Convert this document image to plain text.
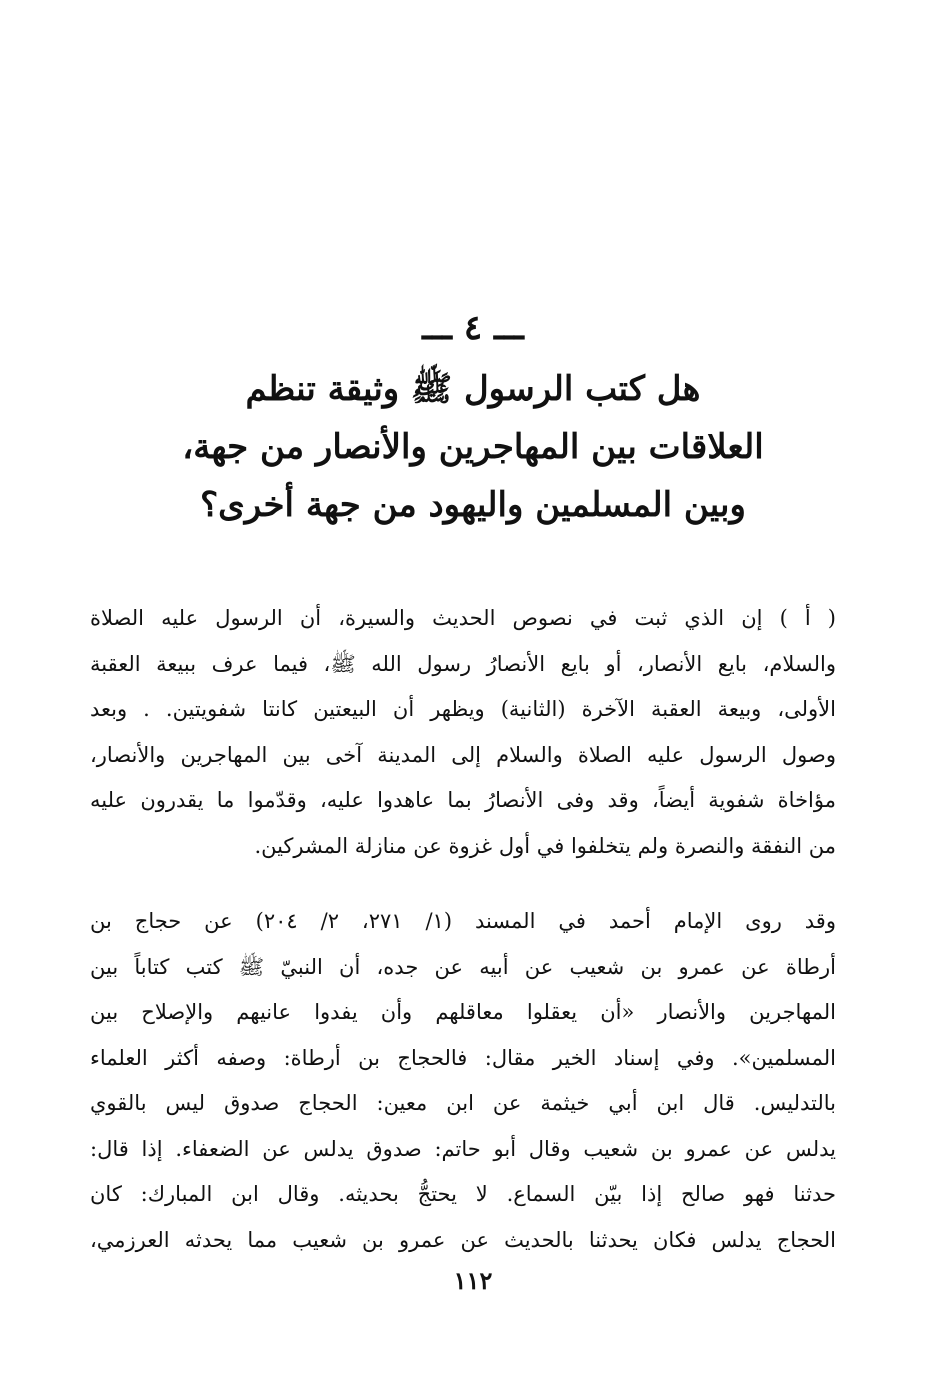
ـــ ٤ ـــ
هل كتب الرسول ﷺ وثيقة تنظم
العلاقات بين المهاجرين والأنصار من جهة،
وبين المسلمين واليهود من جهة أخرى؟

( أ ) إن الذي ثبت في نصوص الحديث والسيرة، أن الرسول عليه الصلاة
والسلام، بايع الأنصار، أو بايع الأنصارُ رسول الله ﷺ، فيما عرف ببيعة العقبة
الأولى، وبيعة العقبة الآخرة (الثانية) ويظهر أن البيعتين كانتا شفويتين. . وبعد
وصول الرسول عليه الصلاة والسلام إلى المدينة آخى بين المهاجرين والأنصار،
مؤاخاة شفوية أيضاً، وقد وفى الأنصارُ بما عاهدوا عليه، وقدّموا ما يقدرون عليه
من النفقة والنصرة ولم يتخلفوا في أول غزوة عن منازلة المشركين.

وقد روى الإمام أحمد في المسند (١/ ٢٧١، ٢/ ٢٠٤) عن حجاج بن
أرطاة عن عمرو بن شعيب عن أبيه عن جده، أن النبيّ ﷺ كتب كتاباً بين
المهاجرين والأنصار «أن يعقلوا معاقلهم وأن يفدوا عانيهم والإصلاح بين
المسلمين». وفي إسناد الخير مقال: فالحجاج بن أرطاة: وصفه أكثر العلماء
بالتدليس. قال ابن أبي خيثمة عن ابن معين: الحجاج صدوق ليس بالقوي
يدلس عن عمرو بن شعيب وقال أبو حاتم: صدوق يدلس عن الضعفاء. إذا قال:
حدثنا فهو صالح إذا بيّن السماع. لا يحتجُّ بحديثه. وقال ابن المبارك: كان
الحجاج يدلس فكان يحدثنا بالحديث عن عمرو بن شعيب مما يحدثه العرزمي،

١١٢
